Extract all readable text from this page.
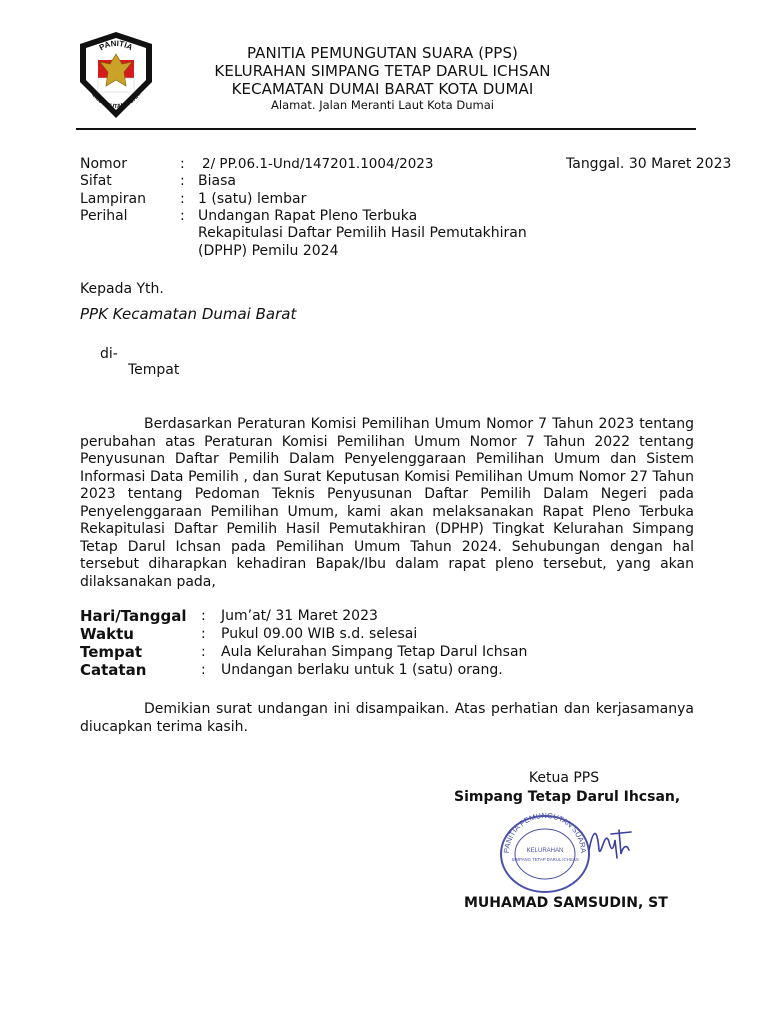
PANITIA
PEMUNGUTAN SUARA
PANITIA PEMUNGUTAN SUARA (PPS)
KELURAHAN SIMPANG TETAP DARUL ICHSAN
KECAMATAN DUMAI BARAT KOTA DUMAI
Alamat. Jalan Meranti Laut Kota Dumai
Nomor	: 2/ PP.06.1-Und/147201.1004/2023
Sifat	: Biasa
Lampiran : 1 (satu) lembar
Perihal	: Undangan Rapat Pleno Terbuka
Rekapitulasi Daftar Pemilih Hasil Pemutakhiran
(DPHP) Pemilu 2024
Tanggal. 30 Maret 2023
Kepada Yth.
PPK Kecamatan Dumai Barat
di-
Tempat
Berdasarkan Peraturan Komisi Pemilihan Umum Nomor 7 Tahun 2023 tentang perubahan atas Peraturan Komisi Pemilihan Umum Nomor 7 Tahun 2022 tentang Penyusunan Daftar Pemilih Dalam Penyelenggaraan Pemilihan Umum dan Sistem Informasi Data Pemilih , dan Surat Keputusan Komisi Pemilihan Umum Nomor 27 Tahun 2023 tentang Pedoman Teknis Penyusunan Daftar Pemilih Dalam Negeri pada Penyelenggaraan Pemilihan Umum, kami akan melaksanakan Rapat Pleno Terbuka Rekapitulasi Daftar Pemilih Hasil Pemutakhiran (DPHP) Tingkat Kelurahan Simpang Tetap Darul Ichsan pada Pemilihan Umum Tahun 2024. Sehubungan dengan hal tersebut diharapkan kehadiran Bapak/Ibu dalam rapat pleno tersebut, yang akan dilaksanakan pada,
Hari/Tanggal : Jum’at/ 31 Maret 2023
Waktu	: Pukul 09.00 WIB s.d. selesai
Tempat	: Aula Kelurahan Simpang Tetap Darul Ichsan
Catatan	: Undangan berlaku untuk 1 (satu) orang.
Demikian surat undangan ini disampaikan. Atas perhatian dan kerjasamanya diucapkan terima kasih.
Ketua PPS
Simpang Tetap Darul Ihcsan,
PANITIA PEMUNGUTAN SUARA
KELURAHAN
SIMPANG TETAP DARUL ICHSAN
MUHAMAD SAMSUDIN, ST
